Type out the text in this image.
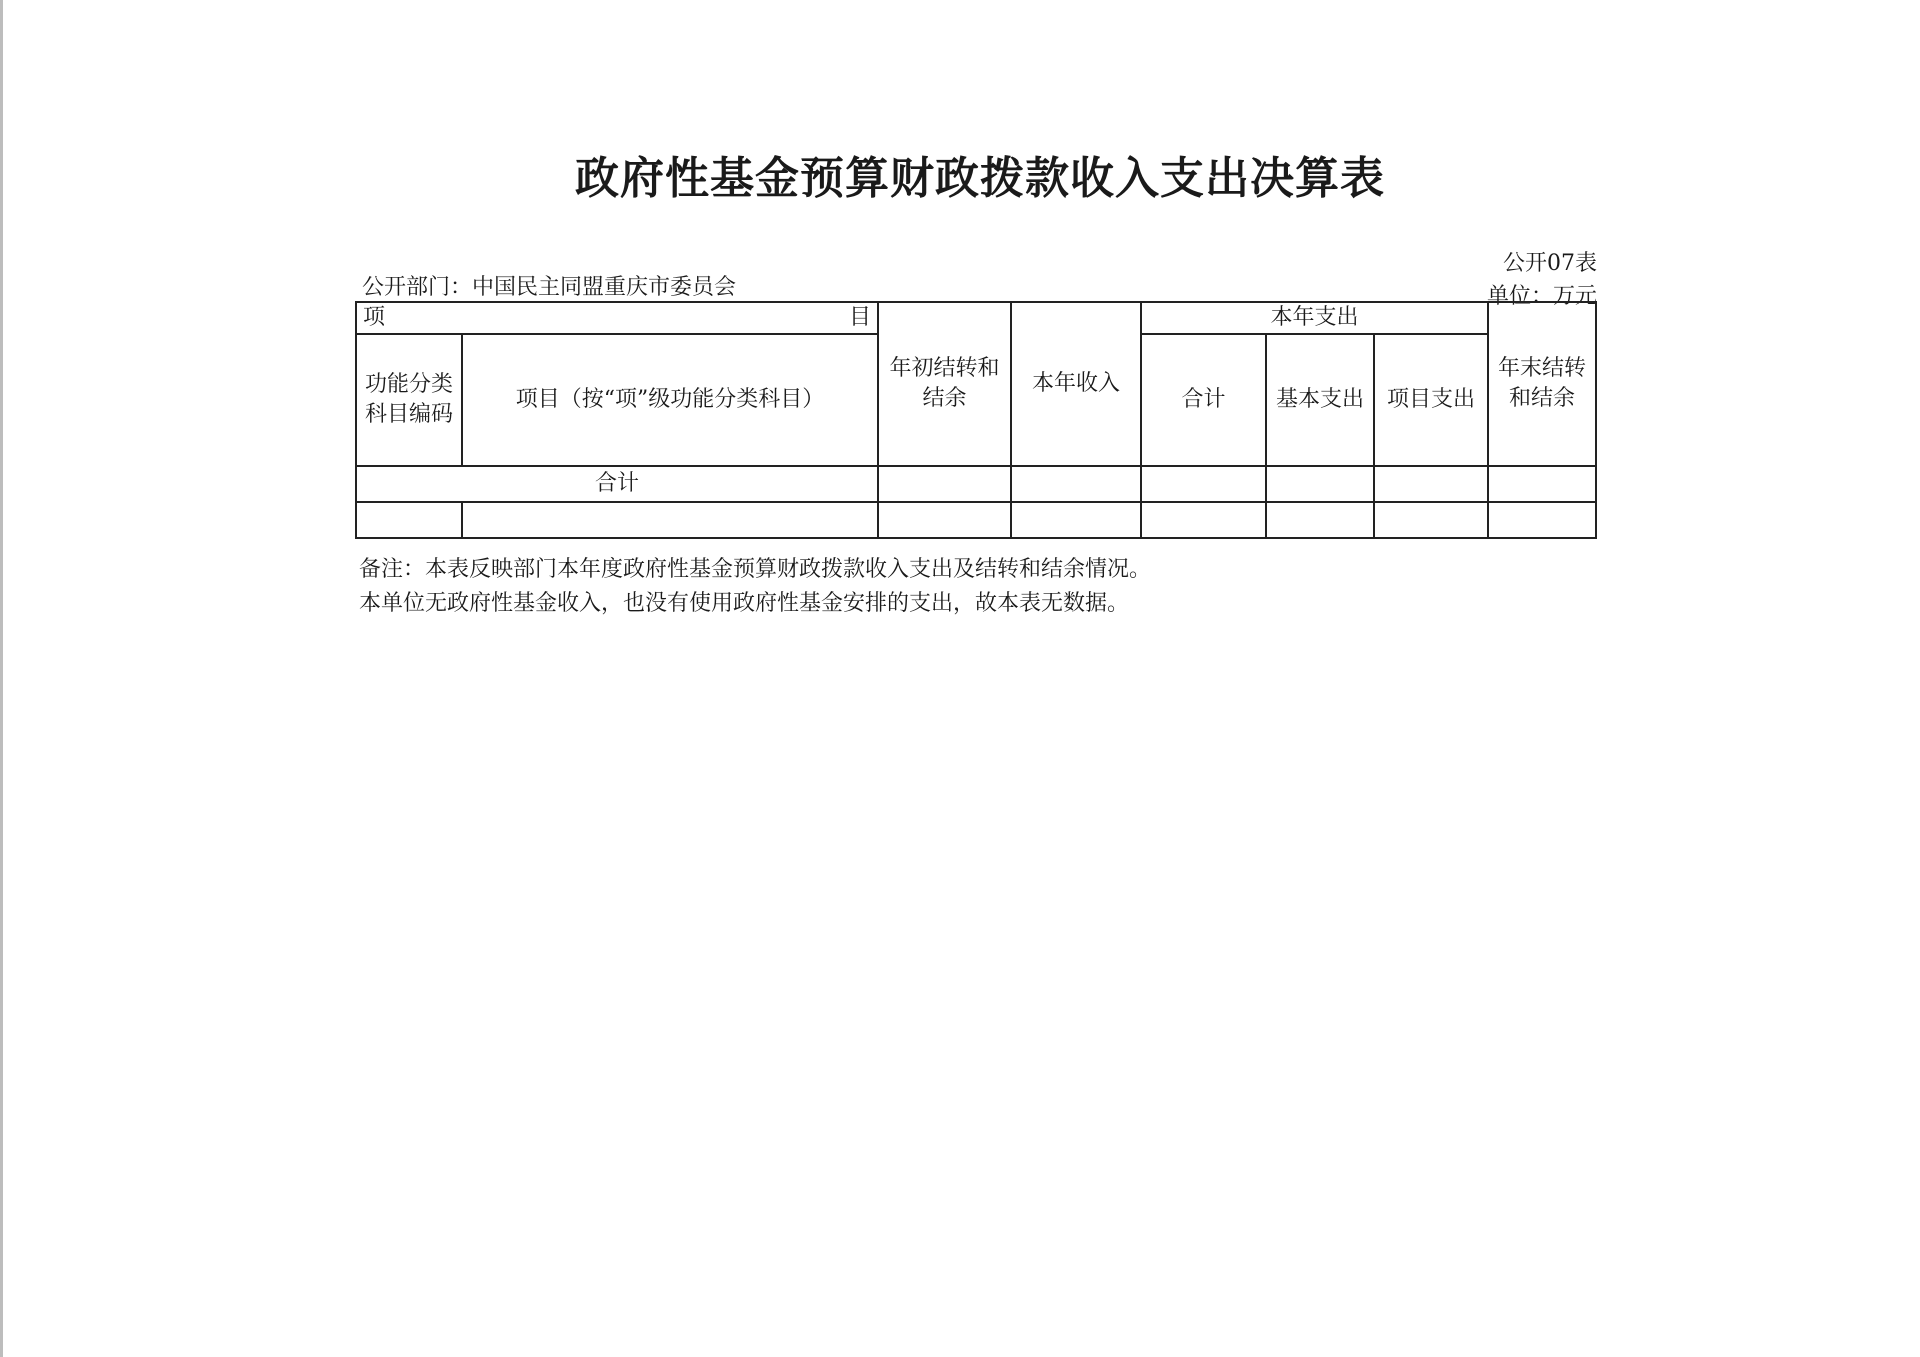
政府性基金预算财政拨款收入支出决算表
公开07表
单位：万元
公开部门：中国民主同盟重庆市委员会
项 目		年初结转和结余	本年收入	本年支出			年末结转和结余
功能分类科目编码	项目（按“项”级功能分类科目）			合计	基本支出	项目支出	
合计							

备注：本表反映部门本年度政府性基金预算财政拨款收入支出及结转和结余情况。
本单位无政府性基金收入，也没有使用政府性基金安排的支出，故本表无数据。
